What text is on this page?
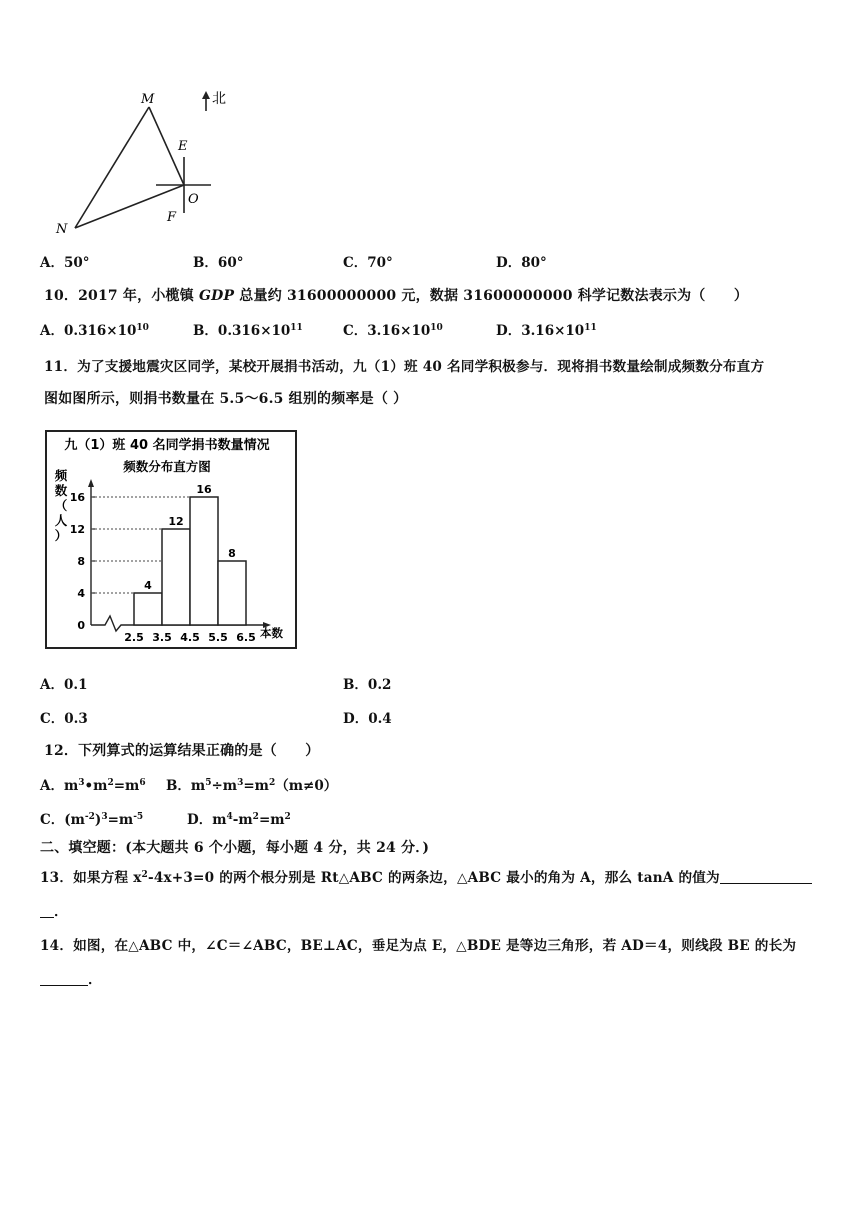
M
N
E
F
O
北
A．50°	B．60°	C．70°	D．80°
10．2017 年，小榄镇 GDP 总量约 31600000000 元，数据 31600000000 科学记数法表示为（　　）
A．$0.316\times 10^{10}$	B．$0.316\times 10^{11}$	C．$3.16\times 10^{10}$	D．$3.16\times 10^{11}$
11．为了支援地震灾区同学，某校开展捐书活动，九（1）班 40 名同学积极参与．现将捐书数量绘制成频数分布直方
图如图所示，则捐书数量在 5.5～6.5 组别的频率是（ ）
九（1）班 40 名同学捐书数量情况
频数分布直方图
0
4
8
12
16
2.5 3.5 4.5 5.5 6.5 本数
4
12
16
8
频
数
（
人
）
A．0.1	B．0.2
C．0.3	D．0.4
12．下列算式的运算结果正确的是（　　）
A．$m^3•m^2=m^6$ B．$m^5\div m^3=m^2(m\ne 0)$
C．$(m^{-2})^3=m^{-5}$	D．$m^4-m^2=m^2$
二、填空题：(本大题共 6 个小题，每小题 4 分，共 24 分．)
13．如果方程 $x^2-4x+3=0$ 的两个根分别是 Rt△ABC 的两条边，△ABC 最小的角为 A，那么 tanA 的值为
．
14．如图，在△ABC 中，∠C＝∠ABC，BE⊥AC，垂足为点 E，△BDE 是等边三角形，若 AD＝4，则线段 BE 的长为
．
